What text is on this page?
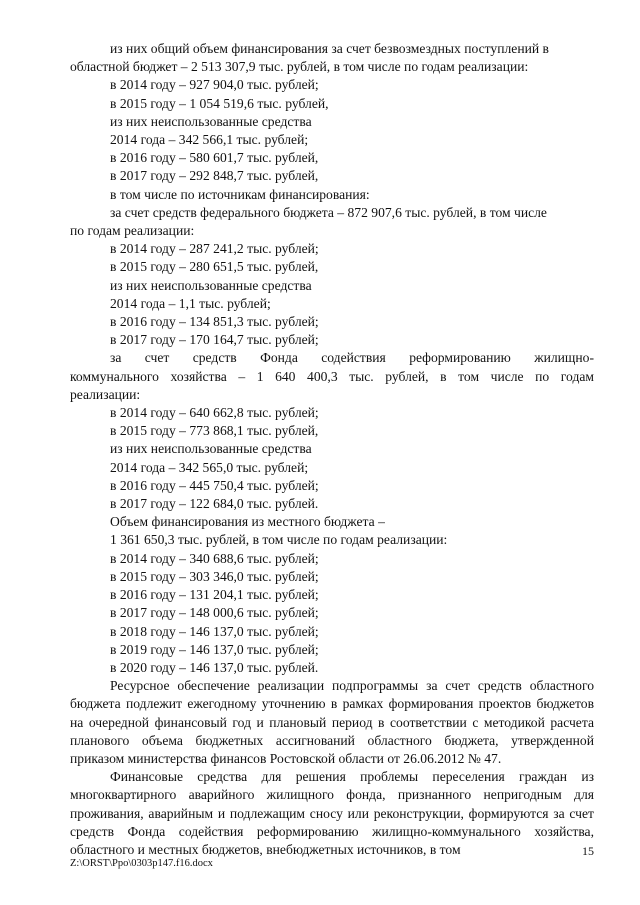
из них общий объем финансирования за счет безвозмездных поступлений в
областной бюджет – 2 513 307,9 тыс. рублей, в том числе по годам реализации:
в 2014 году – 927 904,0 тыс. рублей;
в 2015 году – 1 054 519,6 тыс. рублей,
из них неиспользованные средства
2014 года – 342 566,1 тыс. рублей;
в 2016 году – 580 601,7 тыс. рублей,
в 2017 году – 292 848,7 тыс. рублей,
в том числе по источникам финансирования:
за счет средств федерального бюджета – 872 907,6 тыс. рублей, в том числе
по годам реализации:
в 2014 году – 287 241,2 тыс. рублей;
в 2015 году – 280 651,5 тыс. рублей,
из них неиспользованные средства
2014 года – 1,1 тыс. рублей;
в 2016 году – 134 851,3 тыс. рублей;
в 2017 году – 170 164,7 тыс. рублей;
за счет средств Фонда содействия реформированию жилищно-
коммунального хозяйства – 1 640 400,3 тыс. рублей, в том числе по годам
реализации:
в 2014 году – 640 662,8 тыс. рублей;
в 2015 году – 773 868,1 тыс. рублей,
из них неиспользованные средства
2014 года – 342 565,0 тыс. рублей;
в 2016 году – 445 750,4 тыс. рублей;
в 2017 году – 122 684,0 тыс. рублей.
Объем финансирования из местного бюджета –
1 361 650,3 тыс. рублей, в том числе по годам реализации:
в 2014 году – 340 688,6 тыс. рублей;
в 2015 году – 303 346,0 тыс. рублей;
в 2016 году – 131 204,1 тыс. рублей;
в 2017 году – 148 000,6 тыс. рублей;
в 2018 году – 146 137,0 тыс. рублей;
в 2019 году – 146 137,0 тыс. рублей;
в 2020 году – 146 137,0 тыс. рублей.

Ресурсное обеспечение реализации подпрограммы за счет средств областного бюджета подлежит ежегодному уточнению в рамках формирования проектов бюджетов на очередной финансовый год и плановый период в соответствии с методикой расчета планового объема бюджетных ассигнований областного бюджета, утвержденной приказом министерства финансов Ростовской области от 26.06.2012 № 47.

Финансовые средства для решения проблемы переселения граждан из многоквартирного аварийного жилищного фонда, признанного непригодным для проживания, аварийным и подлежащим сносу или реконструкции, формируются за счет средств Фонда содействия реформированию жилищно-коммунального хозяйства, областного и местных бюджетов, внебюджетных источников, в том	15
Z:\ORST\Ppo\0303p147.f16.docx
